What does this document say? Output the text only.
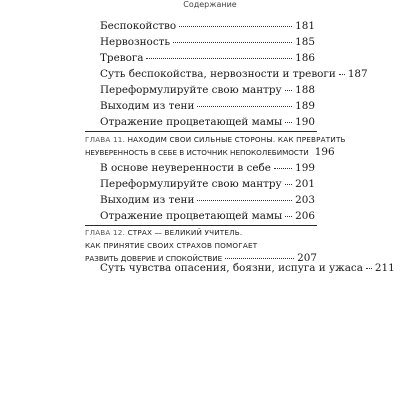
Содержание
Беспокойство	181
Нервозность	185
Тревога	186
Суть беспокойства, нервозности и тревоги 187
Переформулируйте свою мантру 188
Выходим из тени	189
Отражение процветающей мамы 190
ГЛАВА 11. НАХОДИМ СВОИ СИЛЬНЫЕ СТОРОНЫ. КАК ПРЕВРАТИТЬ
НЕУВЕРЕННОСТЬ В СЕБЕ В ИСТОЧНИК НЕПОКОЛЕБИМОСТИ 196
В основе неуверенности в себе 199
Переформулируйте свою мантру 201
Выходим из тени	203
Отражение процветающей мамы 206
ГЛАВА 12. СТРАХ — ВЕЛИКИЙ УЧИТЕЛЬ.
КАК ПРИНЯТИЕ СВОИХ СТРАХОВ ПОМОГАЕТ
РАЗВИТЬ ДОВЕРИЕ И СПОКОЙСТВИЕ	207
Суть чувства опасения, боязни, испуга и ужаса 211
